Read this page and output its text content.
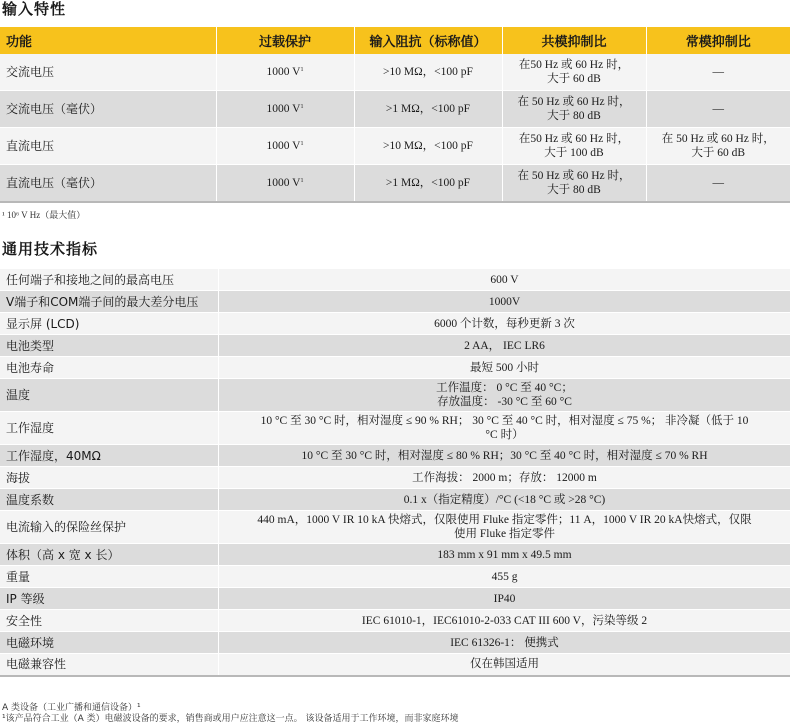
输入特性
功能	过载保护	输入阻抗（标称值）	共模抑制比	常模抑制比
交流电压	1000 $V^1$	>10 MΩ，<100 pF	在50 Hz 或 60 Hz 时，
大于 60 dB	—
交流电压（毫伏）	1000 $V^1$	>1 MΩ，<100 pF	在 50 Hz 或 60 Hz 时，
大于 80 dB	—
直流电压	1000 $V^1$	>10 MΩ，<100 pF	在50 Hz 或 60 Hz 时，
大于 100 dB	在 50 Hz 或 60 Hz 时，
大于 60 dB
直流电压（毫伏）	1000 $V^1$	>1 MΩ，<100 pF	在 50 Hz 或 60 Hz 时，
大于 80 dB	—
¹ 10⁶ V Hz（最大值）
通用技术指标
任何端子和接地之间的最高电压	600 V
V端子和COM端子间的最大差分电压	1000V
显示屏 (LCD)	6000 个计数，每秒更新 3 次
电池类型	2 AA， IEC LR6
电池寿命	最短 500 小时
温度	工作温度： 0 °C 至 40 °C；
存放温度： -30 °C 至 60 °C
工作湿度	10 °C 至 30 °C 时，相对湿度 ≤ 90 % RH； 30 °C 至 40 °C 时，相对湿度 ≤ 75 %； 非冷凝（低于 10
°C 时）
工作湿度，40MΩ	10 °C 至 30 °C 时，相对湿度 ≤ 80 % RH；30 °C 至 40 °C 时，相对湿度 ≤ 70 % RH
海拔	工作海拔： 2000 m；存放： 12000 m
温度系数	0.1 x（指定精度）/°C (<18 °C 或 >28 °C)
电流输入的保险丝保护	440 mA，1000 V IR 10 kA 快熔式，仅限使用 Fluke 指定零件；11 A，1000 V IR 20 kA快熔式，仅限
使用 Fluke 指定零件
体积（高 x 宽 x 长）	183 mm x 91 mm x 49.5 mm
重量	455 g
IP 等级	IP40
安全性	IEC 61010-1，IEC61010-2-033 CAT III 600 V，污染等级 2
电磁环境	IEC 61326-1： 便携式
电磁兼容性	仅在韩国适用
A 类设备（工业广播和通信设备）¹
¹该产品符合工业（A 类）电磁波设备的要求，销售商或用户应注意这一点。 该设备适用于工作环境，而非家庭环境
